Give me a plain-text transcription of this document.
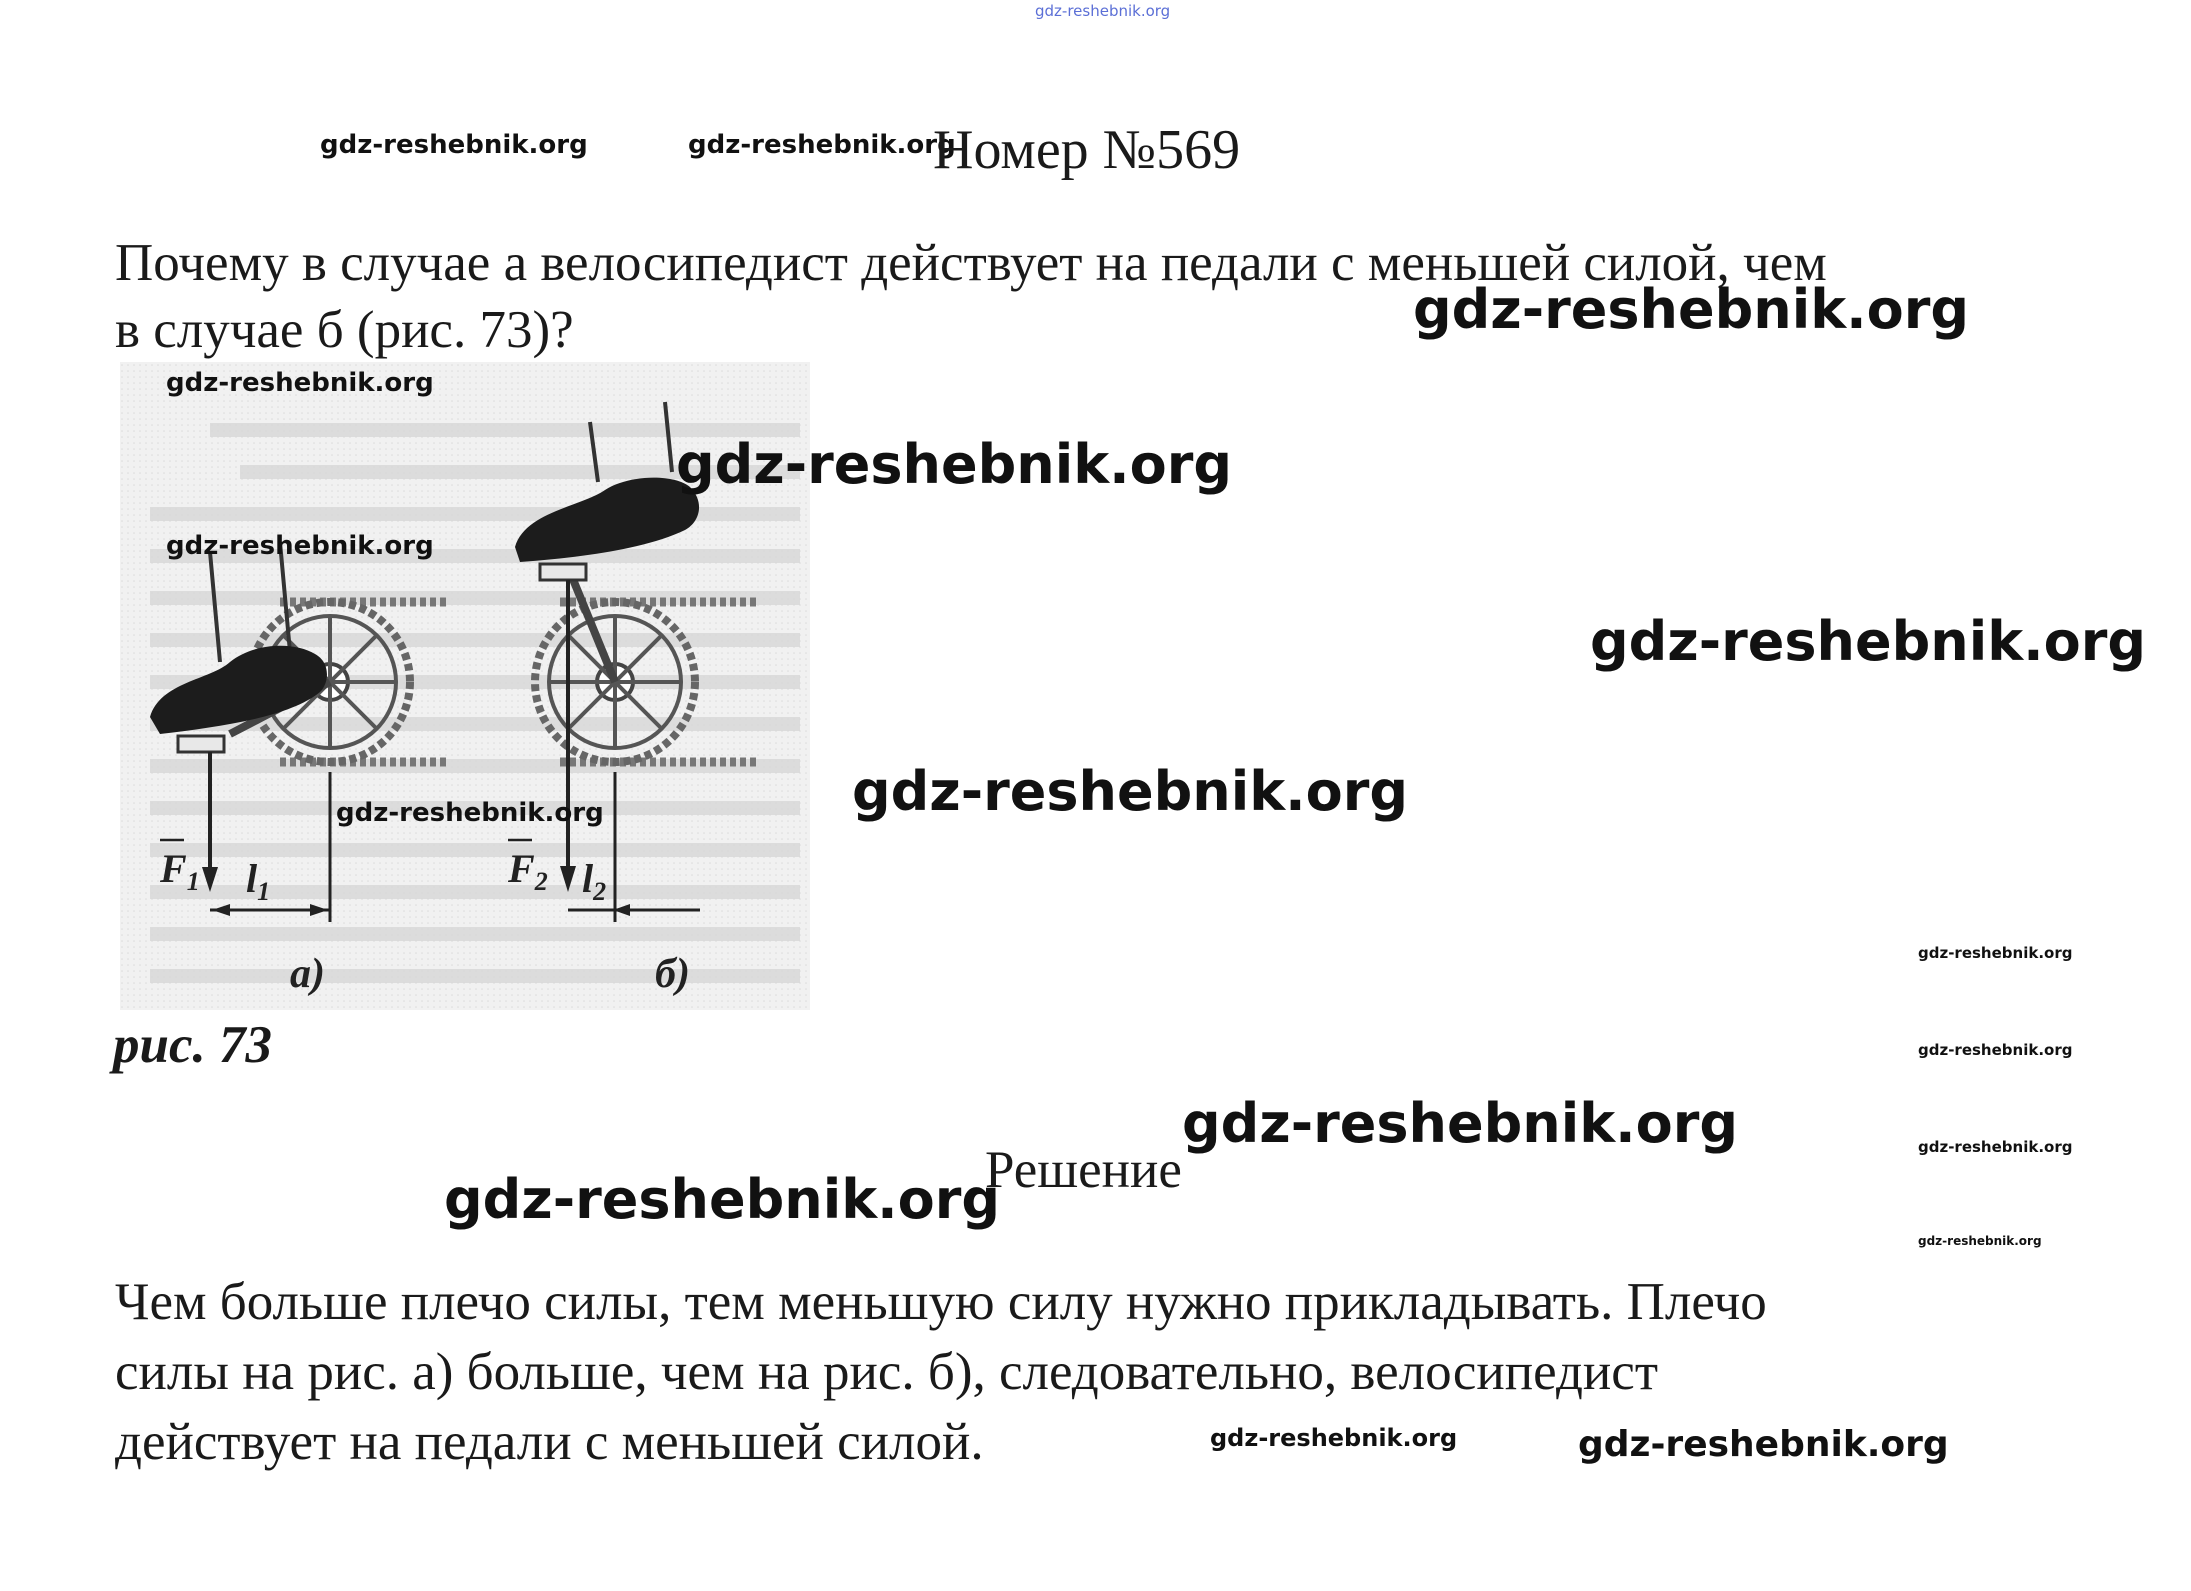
gdz-reshebnik.org
gdz-reshebnik.org	gdz-reshebnik.org
Номер №569
Почему в случае а велосипедист действует на педали с меньшей силой, чем
в случае б (рис. 73)?	gdz-reshebnik.org
$F_1$ $l_1$
а)
$F_2$ $l_2$
б)
gdz-reshebnik.org
gdz-reshebnik.org
gdz-reshebnik.org
gdz-reshebnik.org
gdz-reshebnik.org	gdz-reshebnik.org
gdz-reshebnik.org
gdz-reshebnik.org
gdz-reshebnik.org
gdz-reshebnik.org
рис. 73
gdz-reshebnik.org
Решение
gdz-reshebnik.org
Чем больше плечо силы, тем меньшую силу нужно прикладывать. Плечо
силы на рис. а) больше, чем на рис. б), следовательно, велосипедист
действует на педали с меньшей силой.	gdz-reshebnik.org	gdz-reshebnik.org
